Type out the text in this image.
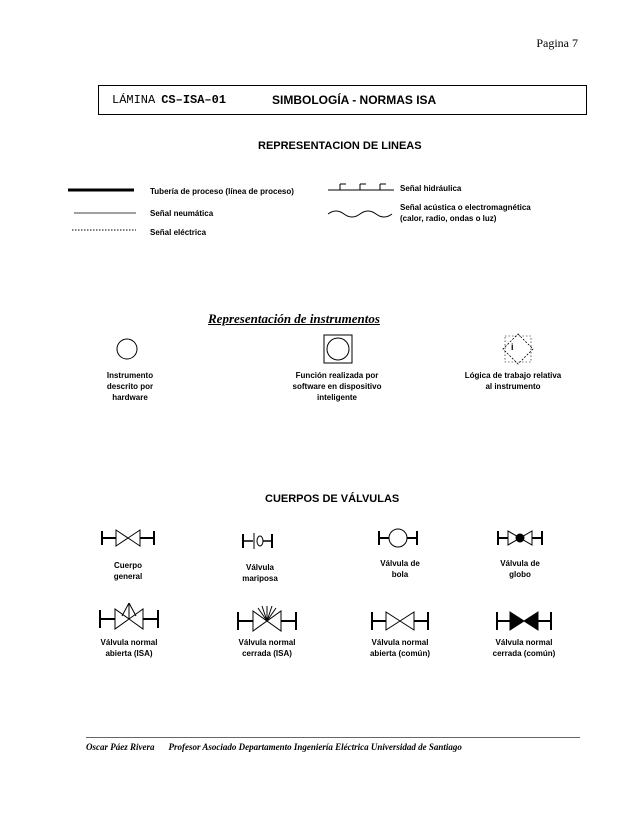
Pagina 7
LÁMINA CS–ISA–01	SIMBOLOGÍA - NORMAS ISA
REPRESENTACION DE LINEAS
Tubería de proceso (línea de proceso)
Señal neumática
Señal eléctrica
Señal hidráulica
Señal acústica o electromagnética
(calor, radio, ondas o luz)
Representación de instrumentos
i
Instrumento
descrito por
hardware
Función realizada por
software en dispositivo
inteligente
Lógica de trabajo relativa
al instrumento
CUERPOS DE VÁLVULAS
Cuerpo
general
Válvula
mariposa
Válvula de
bola
Válvula de
globo
Válvula normal
abierta (ISA)
Válvula normal
cerrada (ISA)
Válvula normal
abierta (común)
Válvula normal
cerrada (común)
Oscar Páez Rivera Profesor Asociado Departamento Ingeniería Eléctrica Universidad de Santiago
